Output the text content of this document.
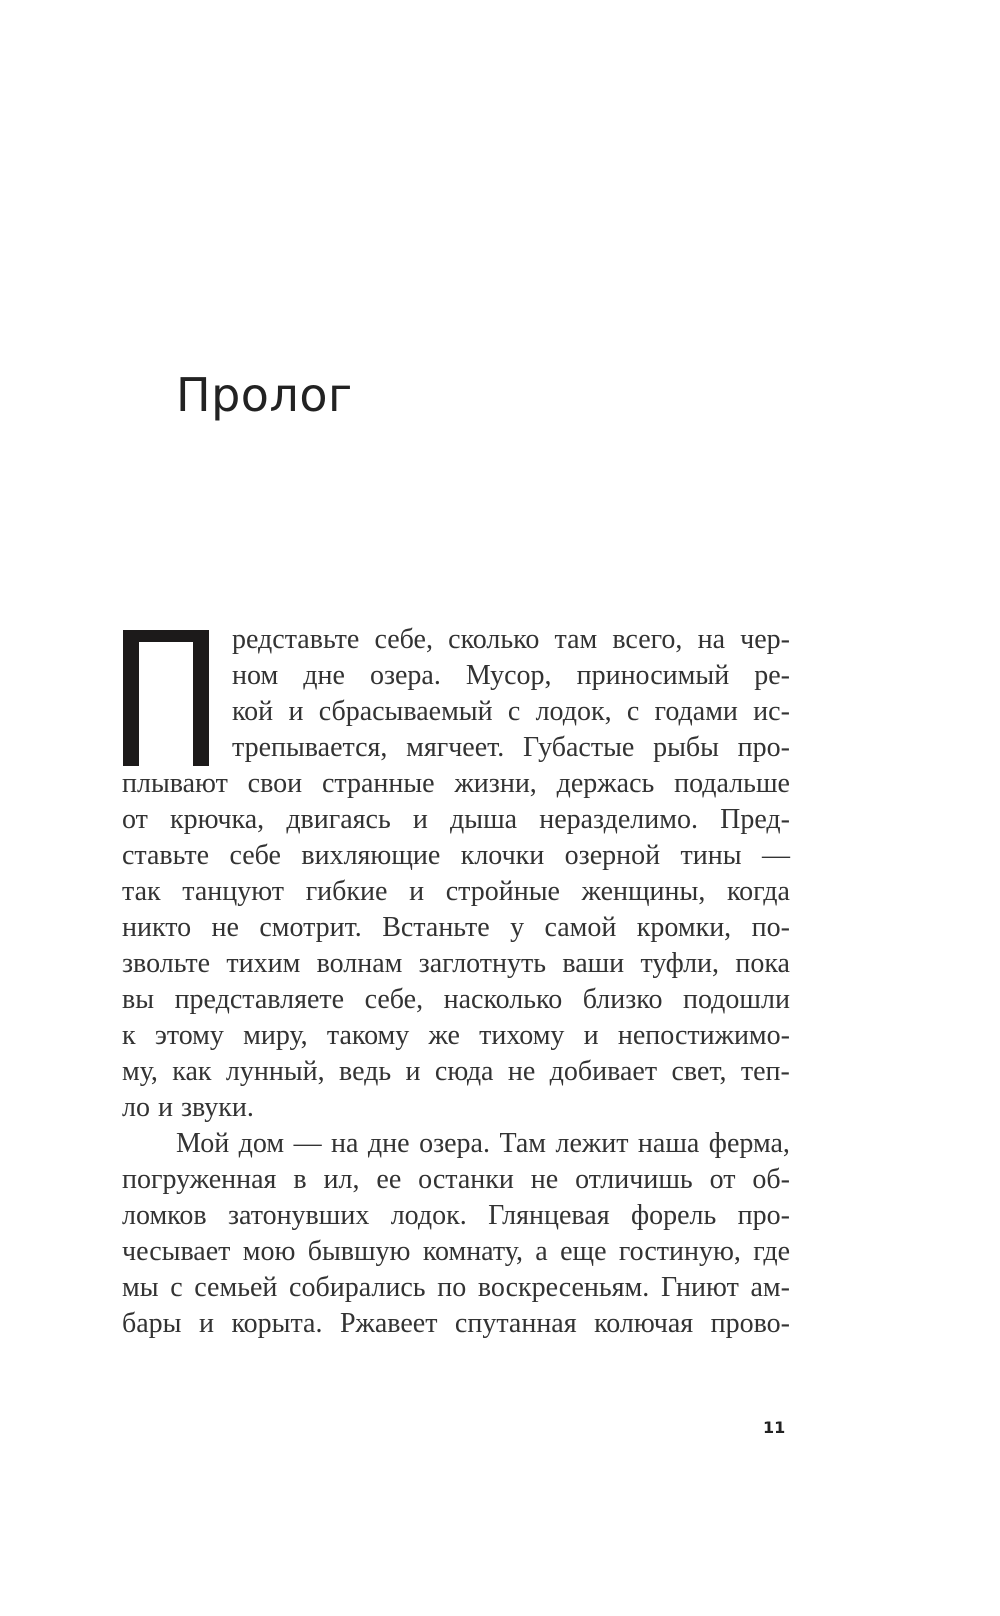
Пролог
редставьте себе, сколько там всего, на чер-
ном дне озера. Мусор, приносимый ре-
кой и сбрасываемый с лодок, с годами ис-
трепывается, мягчеет. Губастые рыбы про-
плывают свои странные жизни, держась подальше
от крючка, двигаясь и дыша неразделимо. Пред-
ставьте себе вихляющие клочки озерной тины —
так танцуют гибкие и стройные женщины, когда
никто не смотрит. Встаньте у самой кромки, по-
звольте тихим волнам заглотнуть ваши туфли, пока
вы представляете себе, насколько близко подошли
к этому миру, такому же тихому и непостижимо-
му, как лунный, ведь и сюда не добивает свет, теп-
ло и звуки.
Мой дом — на дне озера. Там лежит наша ферма,
погруженная в ил, ее останки не отличишь от об-
ломков затонувших лодок. Глянцевая форель про-
чесывает мою бывшую комнату, а еще гостиную, где
мы с семьей собирались по воскресеньям. Гниют ам-
бары и корыта. Ржавеет спутанная колючая прово-
11
